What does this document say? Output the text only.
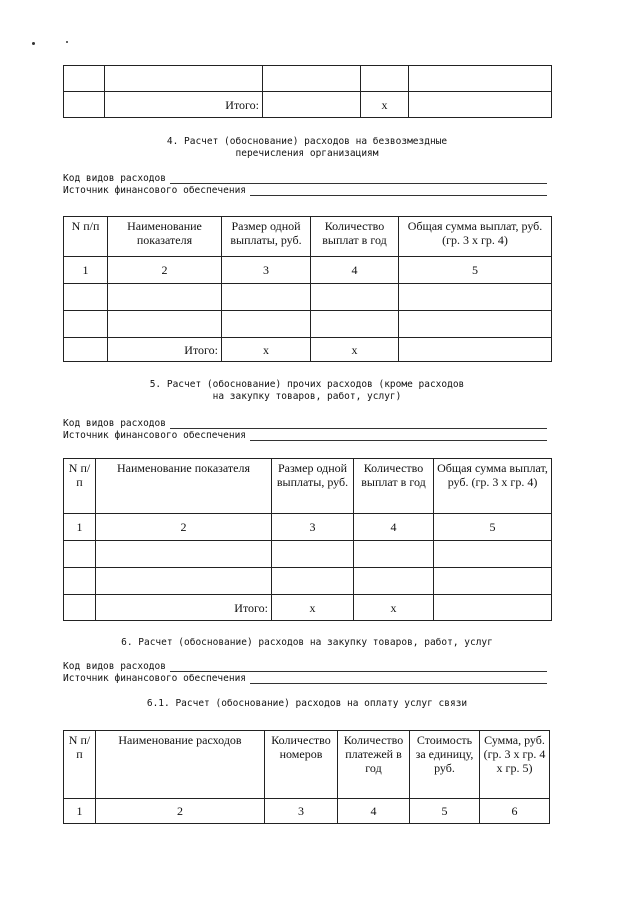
	Итого:		х	
4. Расчет (обоснование) расходов на безвозмездные
перечисления организациям
Код видов расходов
Источник финансового обеспечения
N п/п	Наименование показателя	Размер одной выплаты, руб.	Количество выплат в год	Общая сумма выплат, руб. (гр. 3 х гр. 4)
1	2	3	4	5

	Итого:	х	х	
5. Расчет (обоснование) прочих расходов (кроме расходов
на закупку товаров, работ, услуг)
Код видов расходов
Источник финансового обеспечения
N п/п	Наименование показателя	Размер одной выплаты, руб.	Количество выплат в год	Общая сумма выплат, руб. (гр. 3 х гр. 4)
1	2	3	4	5

	Итого:	х	х	
6. Расчет (обоснование) расходов на закупку товаров, работ, услуг
Код видов расходов
Источник финансового обеспечения
6.1. Расчет (обоснование) расходов на оплату услуг связи
N п/п	Наименование расходов	Количество номеров	Количество платежей в год	Стоимость за единицу, руб.	Сумма, руб. (гр. 3 х гр. 4 х гр. 5)
1	2	3	4	5	6
